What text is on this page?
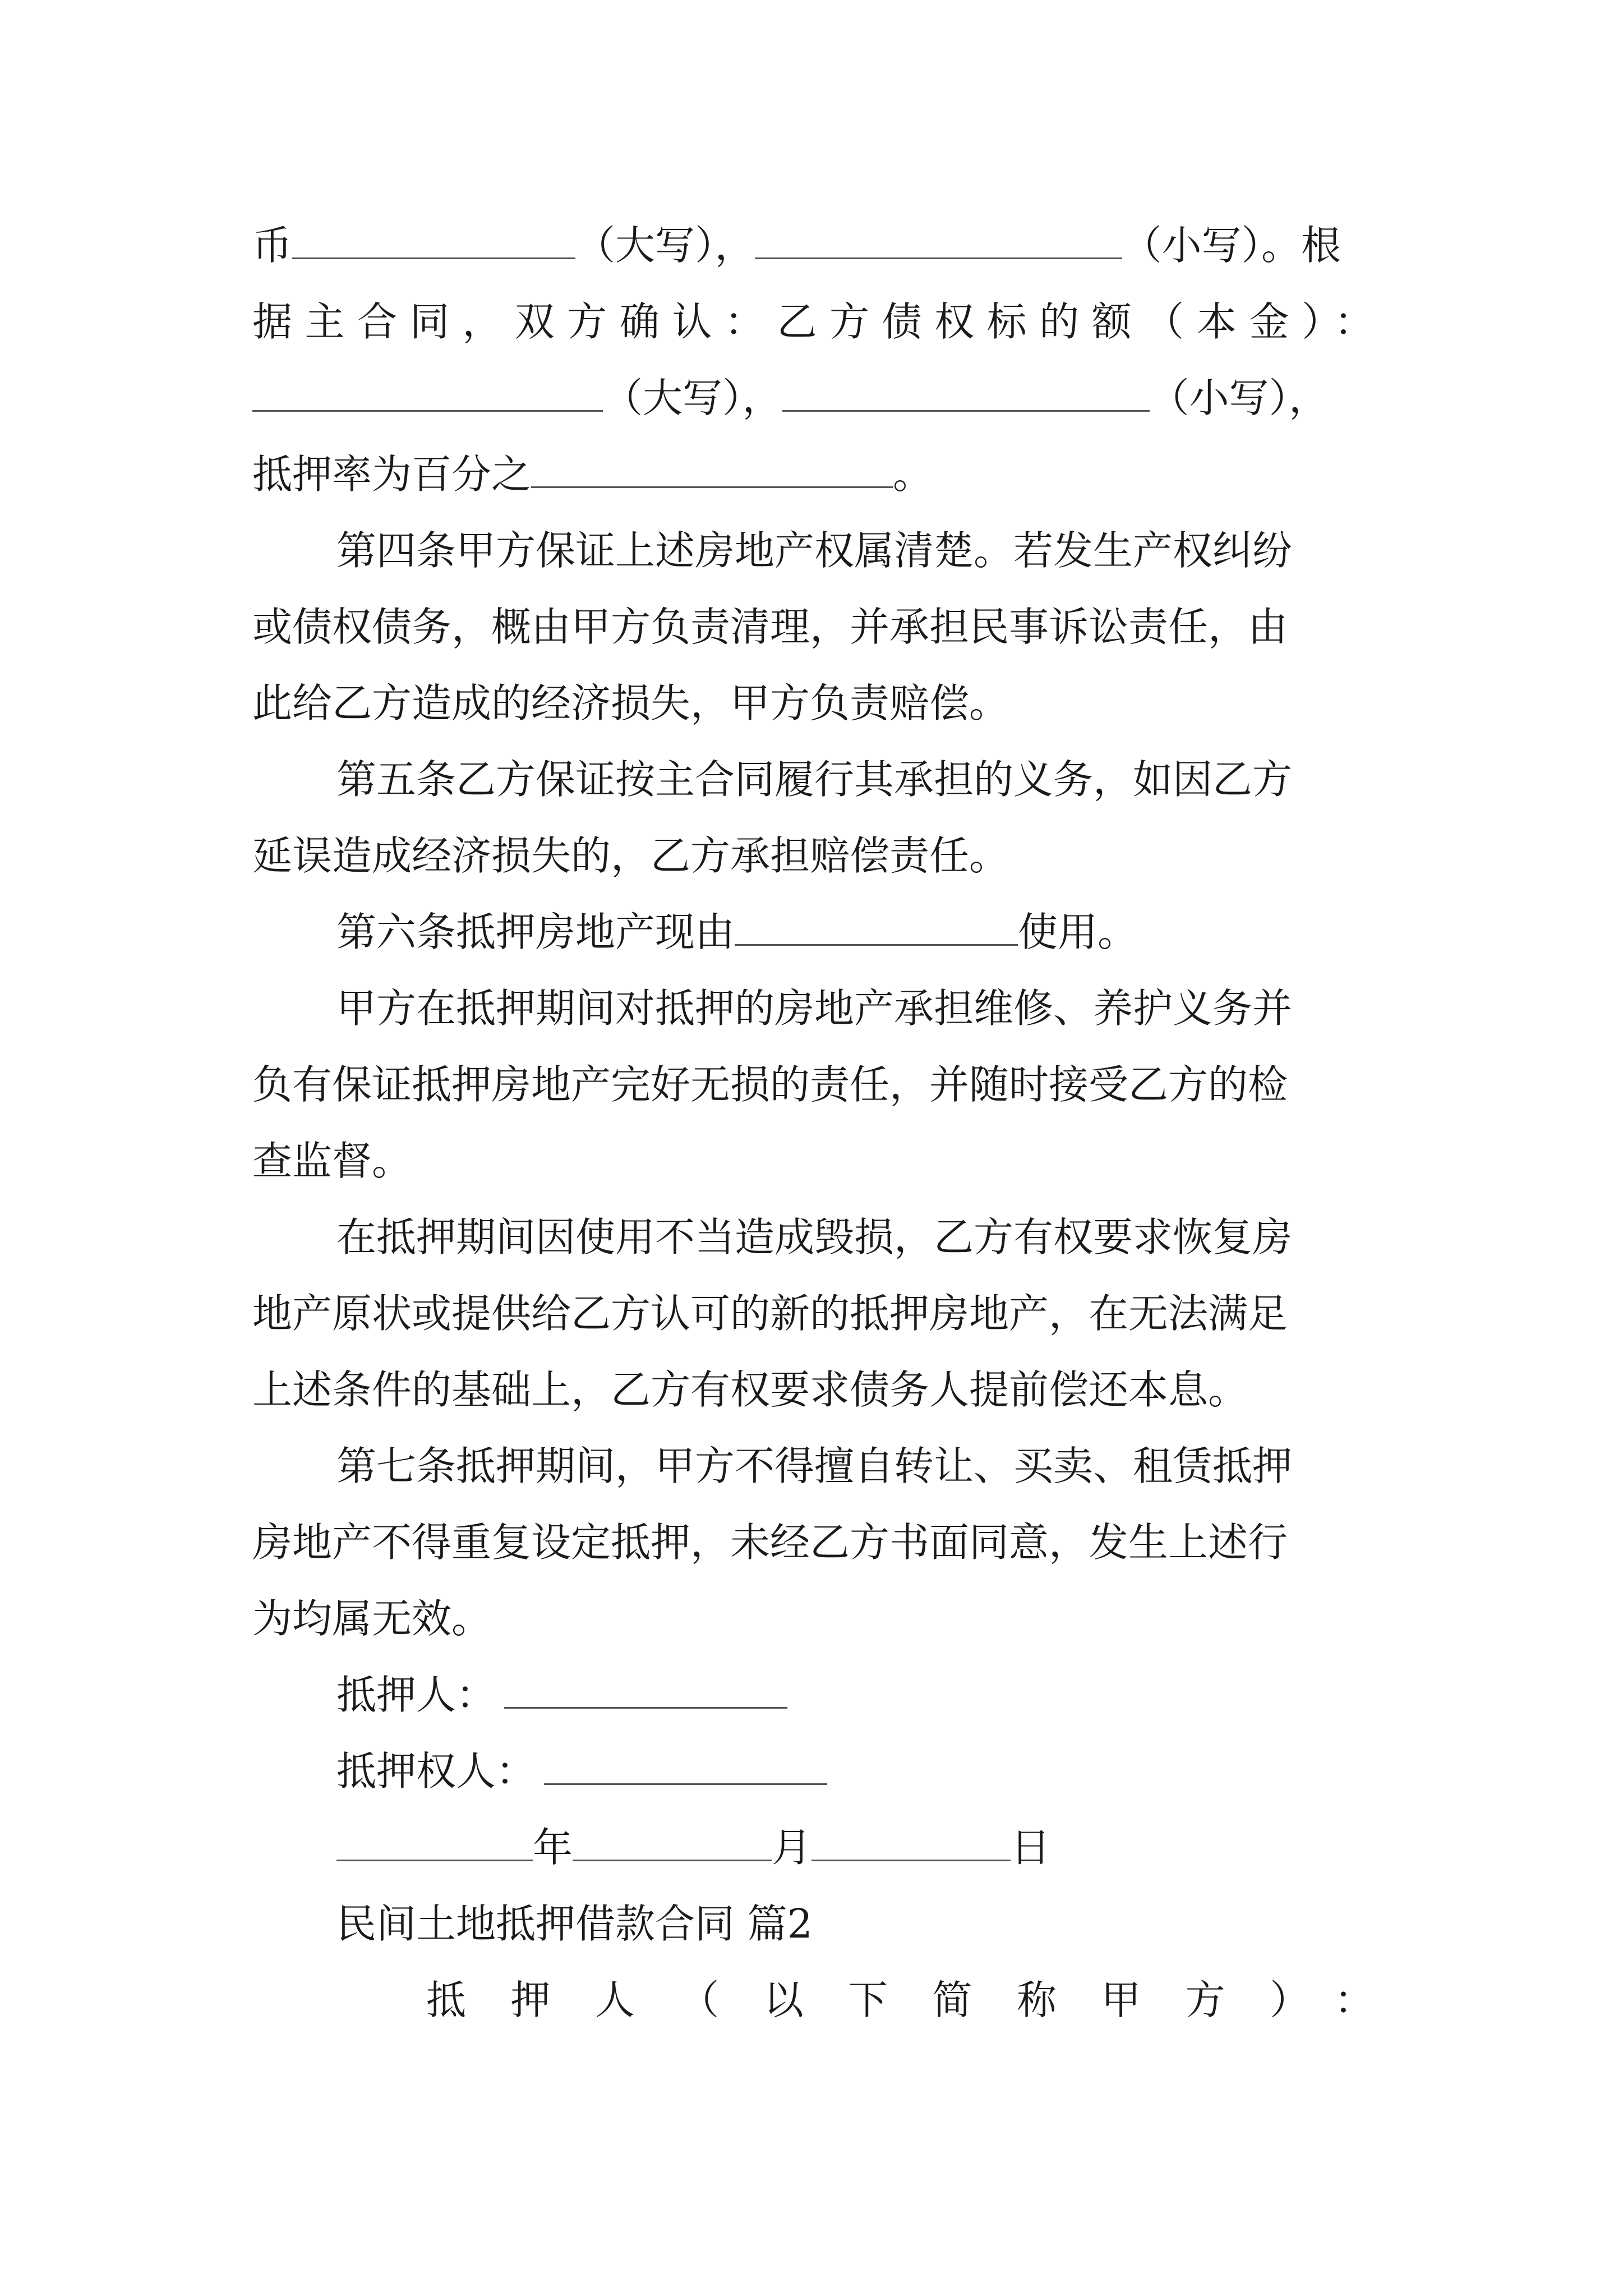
币	（大写），	（小写）。根
据主合同，双方确认：乙方债权标的额（本金）：
（大写），	（小写），
抵押率为百分之	。
第四条甲方保证上述房地产权属清楚。若发生产权纠纷
或债权债务，概由甲方负责清理，并承担民事诉讼责任，由
此给乙方造成的经济损失，甲方负责赔偿。
第五条乙方保证按主合同履行其承担的义务，如因乙方
延误造成经济损失的，乙方承担赔偿责任。
第六条抵押房地产现由	使用。
甲方在抵押期间对抵押的房地产承担维修、养护义务并
负有保证抵押房地产完好无损的责任，并随时接受乙方的检
查监督。
在抵押期间因使用不当造成毁损，乙方有权要求恢复房
地产原状或提供给乙方认可的新的抵押房地产，在无法满足
上述条件的基础上，乙方有权要求债务人提前偿还本息。
第七条抵押期间，甲方不得擅自转让、买卖、租赁抵押
房地产不得重复设定抵押，未经乙方书面同意，发生上述行
为均属无效。
抵押人：
抵押权人：
年	月	日
民间土地抵押借款合同 篇2
抵押人（以下简称甲方）：
